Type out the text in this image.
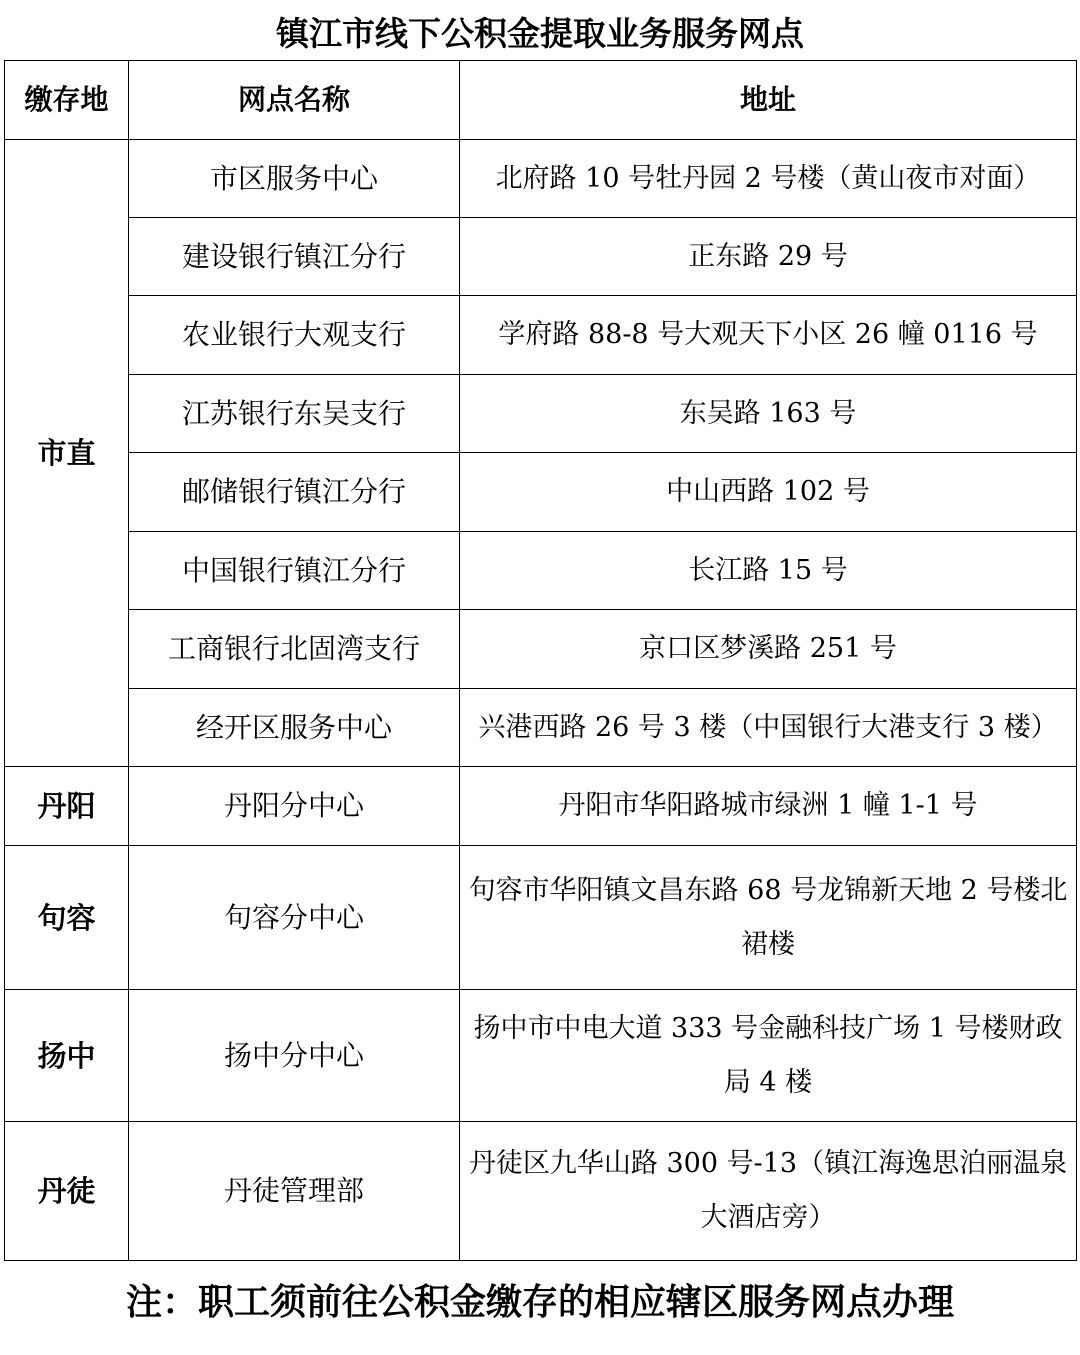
镇江市线下公积金提取业务服务网点
缴存地	网点名称	地址
市直	市区服务中心	北府路 10 号牡丹园 2 号楼（黄山夜市对面）
	建设银行镇江分行	正东路 29 号
	农业银行大观支行	学府路 88-8 号大观天下小区 26 幢 0116 号
	江苏银行东吴支行	东吴路 163 号
	邮储银行镇江分行	中山西路 102 号
	中国银行镇江分行	长江路 15 号
	工商银行北固湾支行	京口区梦溪路 251 号
	经开区服务中心	兴港西路 26 号 3 楼（中国银行大港支行 3 楼）
丹阳	丹阳分中心	丹阳市华阳路城市绿洲 1 幢 1-1 号
句容	句容分中心	句容市华阳镇文昌东路 68 号龙锦新天地 2 号楼北裙楼
扬中	扬中分中心	扬中市中电大道 333 号金融科技广场 1 号楼财政局 4 楼
丹徒	丹徒管理部	丹徒区九华山路 300 号-13（镇江海逸思泊丽温泉大酒店旁）
注：职工须前往公积金缴存的相应辖区服务网点办理
